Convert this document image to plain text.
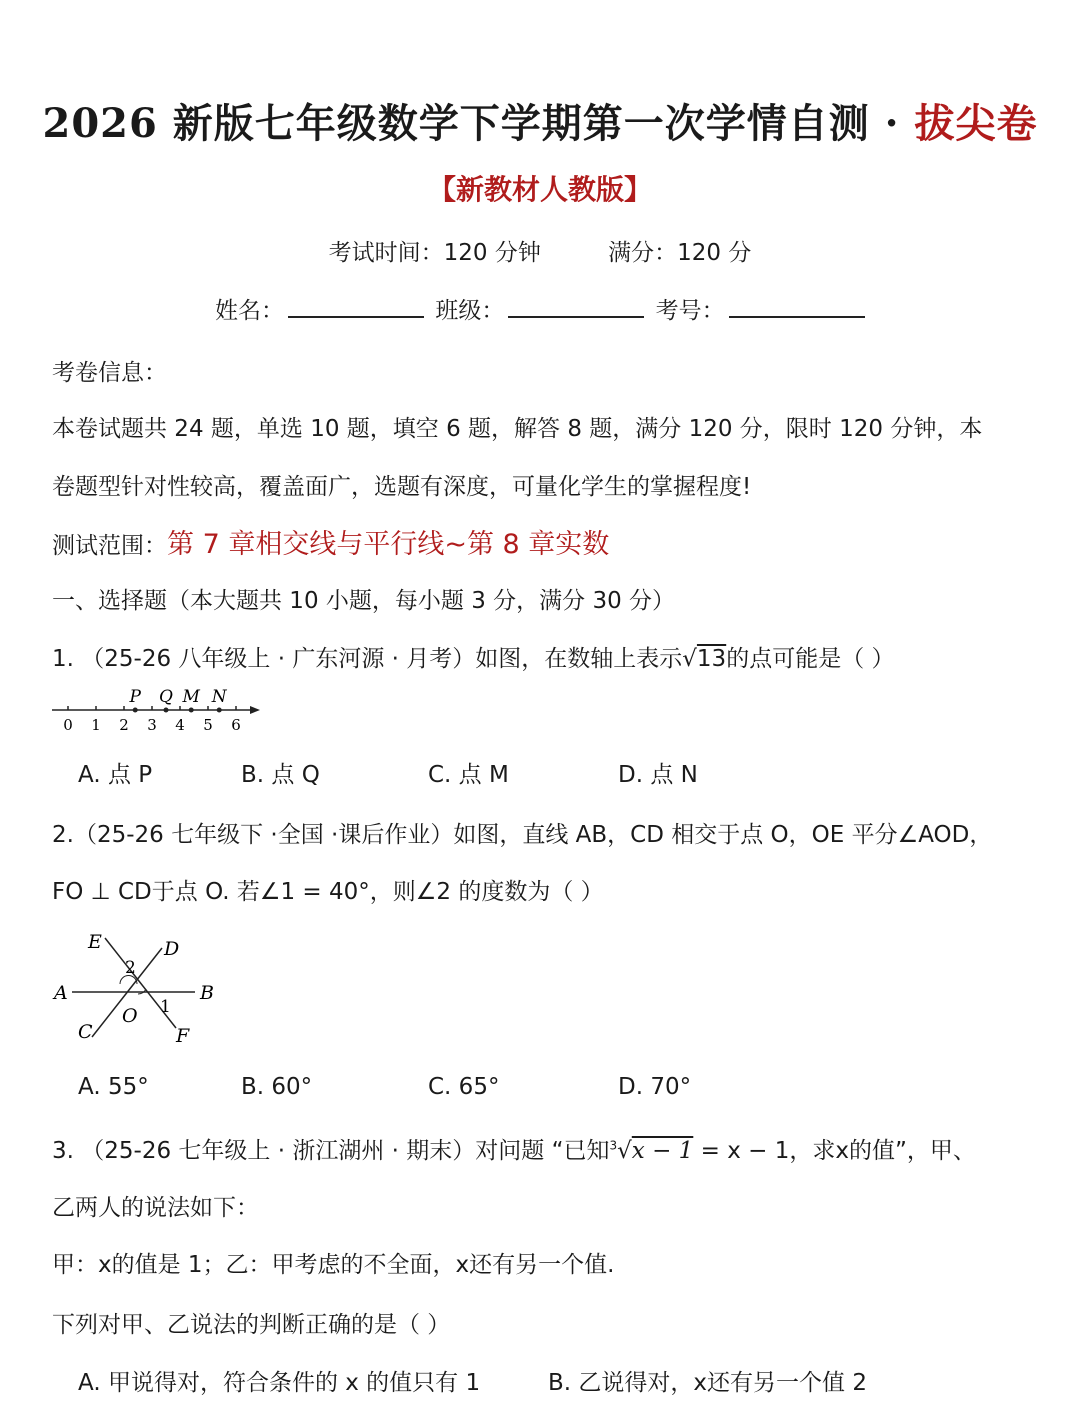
2026 新版七年级数学下学期第一次学情自测 · 拔尖卷
【新教材人教版】
考试时间：120 分钟	满分：120 分
姓名：	班级：	考号：
考卷信息：
本卷试题共 24 题，单选 10 题，填空 6 题，解答 8 题，满分 120 分，限时 120 分钟，本
卷题型针对性较高，覆盖面广，选题有深度，可量化学生的掌握程度!
测试范围：第 7 章相交线与平行线~第 8 章实数
一、选择题（本大题共 10 小题，每小题 3 分，满分 30 分）
1. （25-26 八年级上 · 广东河源 · 月考）如图，在数轴上表示√13的点可能是（ ）
0 1 2 3 4 5 6
P Q M N
A. 点 P	B. 点 Q	C. 点 M	D. 点 N
2.（25-26 七年级下 ·全国 ·课后作业）如图，直线 AB，CD 相交于点 O，OE 平分∠AOD，
FO ⊥ CD于点 O. 若∠1 = 40°，则∠2 的度数为（ ）
E	D
A	B
C
O
F
1
2
A. 55°	B. 60°	C. 65°	D. 70°
3. （25-26 七年级上 · 浙江湖州 · 期末）对问题 “已知$^3$√x − 1 = x − 1，求x的值”，甲、
乙两人的说法如下：
甲：x的值是 1；乙：甲考虑的不全面，x还有另一个值.
下列对甲、乙说法的判断正确的是（ ）
A. 甲说得对，符合条件的 x 的值只有 1	B. 乙说得对，x还有另一个值 2
